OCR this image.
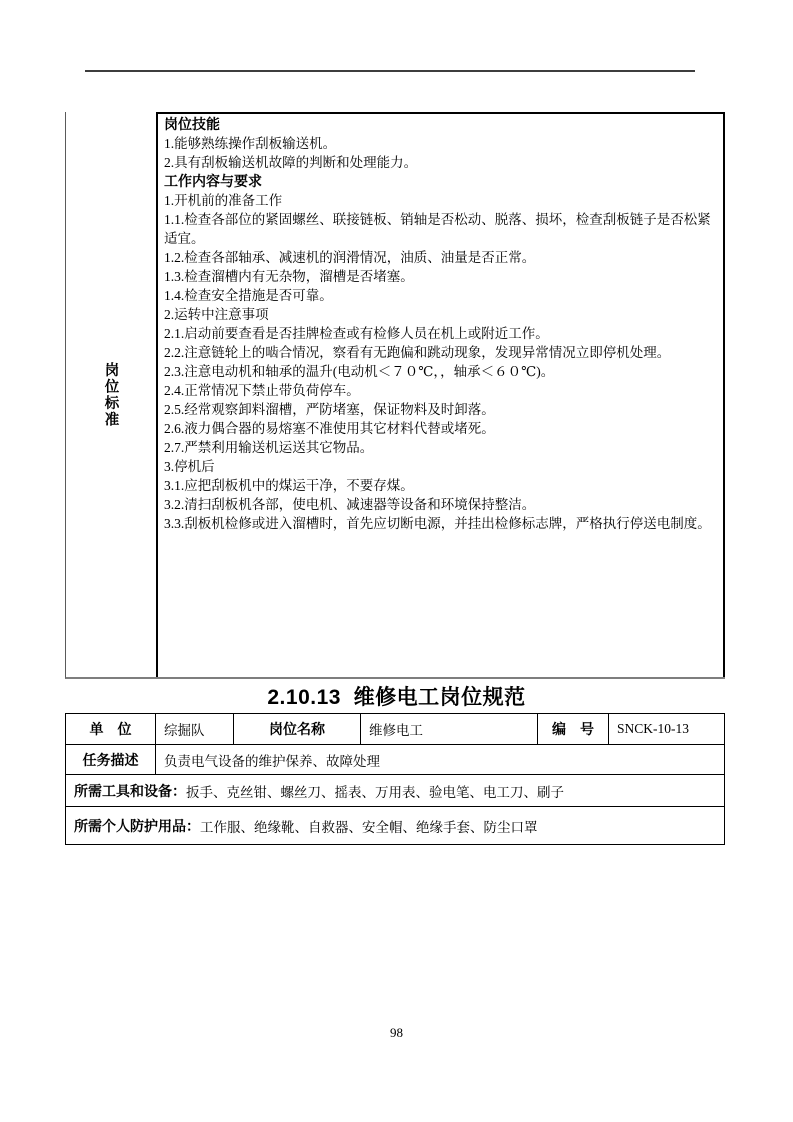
岗位标准
岗位技能
1.能够熟练操作刮板输送机。
2.具有刮板输送机故障的判断和处理能力。
工作内容与要求
1.开机前的准备工作
1.1.检查各部位的紧固螺丝、联接链板、销轴是否松动、脱落、损坏，检查刮板链子是否松紧适宜。
1.2.检查各部轴承、减速机的润滑情况，油质、油量是否正常。
1.3.检查溜槽内有无杂物，溜槽是否堵塞。
1.4.检查安全措施是否可靠。
2.运转中注意事项
2.1.启动前要查看是否挂牌检查或有检修人员在机上或附近工作。
2.2.注意链轮上的啮合情况，察看有无跑偏和跳动现象，发现异常情况立即停机处理。
2.3.注意电动机和轴承的温升(电动机＜７０℃，，轴承＜６０℃)。
2.4.正常情况下禁止带负荷停车。
2.5.经常观察卸料溜槽，严防堵塞，保证物料及时卸落。
2.6.液力偶合器的易熔塞不准使用其它材料代替或堵死。
2.7.严禁利用输送机运送其它物品。
3.停机后
3.1.应把刮板机中的煤运干净，不要存煤。
3.2.清扫刮板机各部，使电机、减速器等设备和环境保持整洁。
3.3.刮板机检修或进入溜槽时，首先应切断电源，并挂出检修标志牌，严格执行停送电制度。
2.10.13  维修电工岗位规范
单　位	综掘队	岗位名称	维修电工	编　号	SNCK-10-13
任务描述	负责电气设备的维护保养、故障处理
所需工具和设备： 扳手、克丝钳、螺丝刀、摇表、万用表、验电笔、电工刀、刷子
所需个人防护用品： 工作服、绝缘靴、自救器、安全帽、绝缘手套、防尘口罩
98
